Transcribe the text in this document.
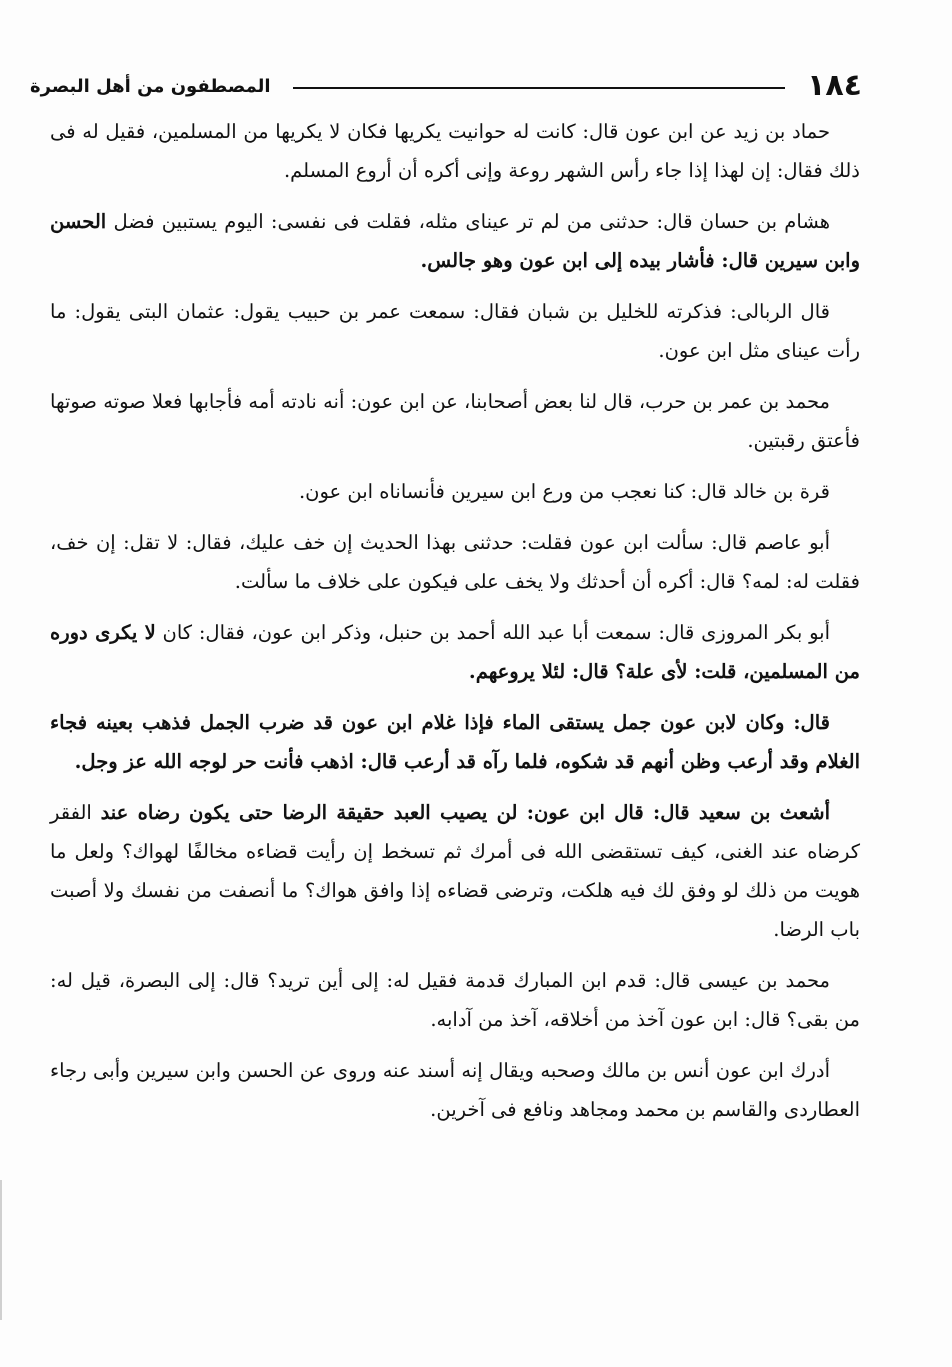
١٨٤
المصطفون من أهل البصرة

حماد بن زيد عن ابن عون قال: كانت له حوانيت يكريها فكان لا يكريها من المسلمين، فقيل له فى ذلك فقال: إن لهذا إذا جاء رأس الشهر روعة وإنى أكره أن أروع المسلم.

هشام بن حسان قال: حدثنى من لم تر عيناى مثله، فقلت فى نفسى: اليوم يستبين فضل الحسن وابن سيرين قال: فأشار بيده إلى ابن عون وهو جالس.

قال الربالى: فذكرته للخليل بن شبان فقال: سمعت عمر بن حبيب يقول: عثمان البتى يقول: ما رأت عيناى مثل ابن عون.

محمد بن عمر بن حرب، قال لنا بعض أصحابنا، عن ابن عون: أنه نادته أمه فأجابها فعلا صوته صوتها فأعتق رقبتين.

قرة بن خالد قال: كنا نعجب من ورع ابن سيرين فأنساناه ابن عون.

أبو عاصم قال: سألت ابن عون فقلت: حدثنى بهذا الحديث إن خف عليك، فقال: لا تقل: إن خف، فقلت له: لمه؟ قال: أكره أن أحدثك ولا يخف على فيكون على خلاف ما سألت.

أبو بكر المروزى قال: سمعت أبا عبد الله أحمد بن حنبل، وذكر ابن عون، فقال: كان لا يكرى دوره من المسلمين، قلت: لأى علة؟ قال: لئلا يروعهم.

قال: وكان لابن عون جمل يستقى الماء فإذا غلام ابن عون قد ضرب الجمل فذهب بعينه فجاء الغلام وقد أرعب وظن أنهم قد شكوه، فلما رآه قد أرعب قال: اذهب فأنت حر لوجه الله عز وجل.

أشعث بن سعيد قال: قال ابن عون: لن يصيب العبد حقيقة الرضا حتى يكون رضاه عند الفقر كرضاه عند الغنى، كيف تستقضى الله فى أمرك ثم تسخط إن رأيت قضاءه مخالفًا لهواك؟ ولعل ما هويت من ذلك لو وفق لك فيه هلكت، وترضى قضاءه إذا وافق هواك؟ ما أنصفت من نفسك ولا أصبت باب الرضا.

محمد بن عيسى قال: قدم ابن المبارك قدمة فقيل له: إلى أين تريد؟ قال: إلى البصرة، قيل له: من بقى؟ قال: ابن عون آخذ من أخلاقه، آخذ من آدابه.

أدرك ابن عون أنس بن مالك وصحبه ويقال إنه أسند عنه وروى عن الحسن وابن سيرين وأبى رجاء العطاردى والقاسم بن محمد ومجاهد ونافع فى آخرين.
